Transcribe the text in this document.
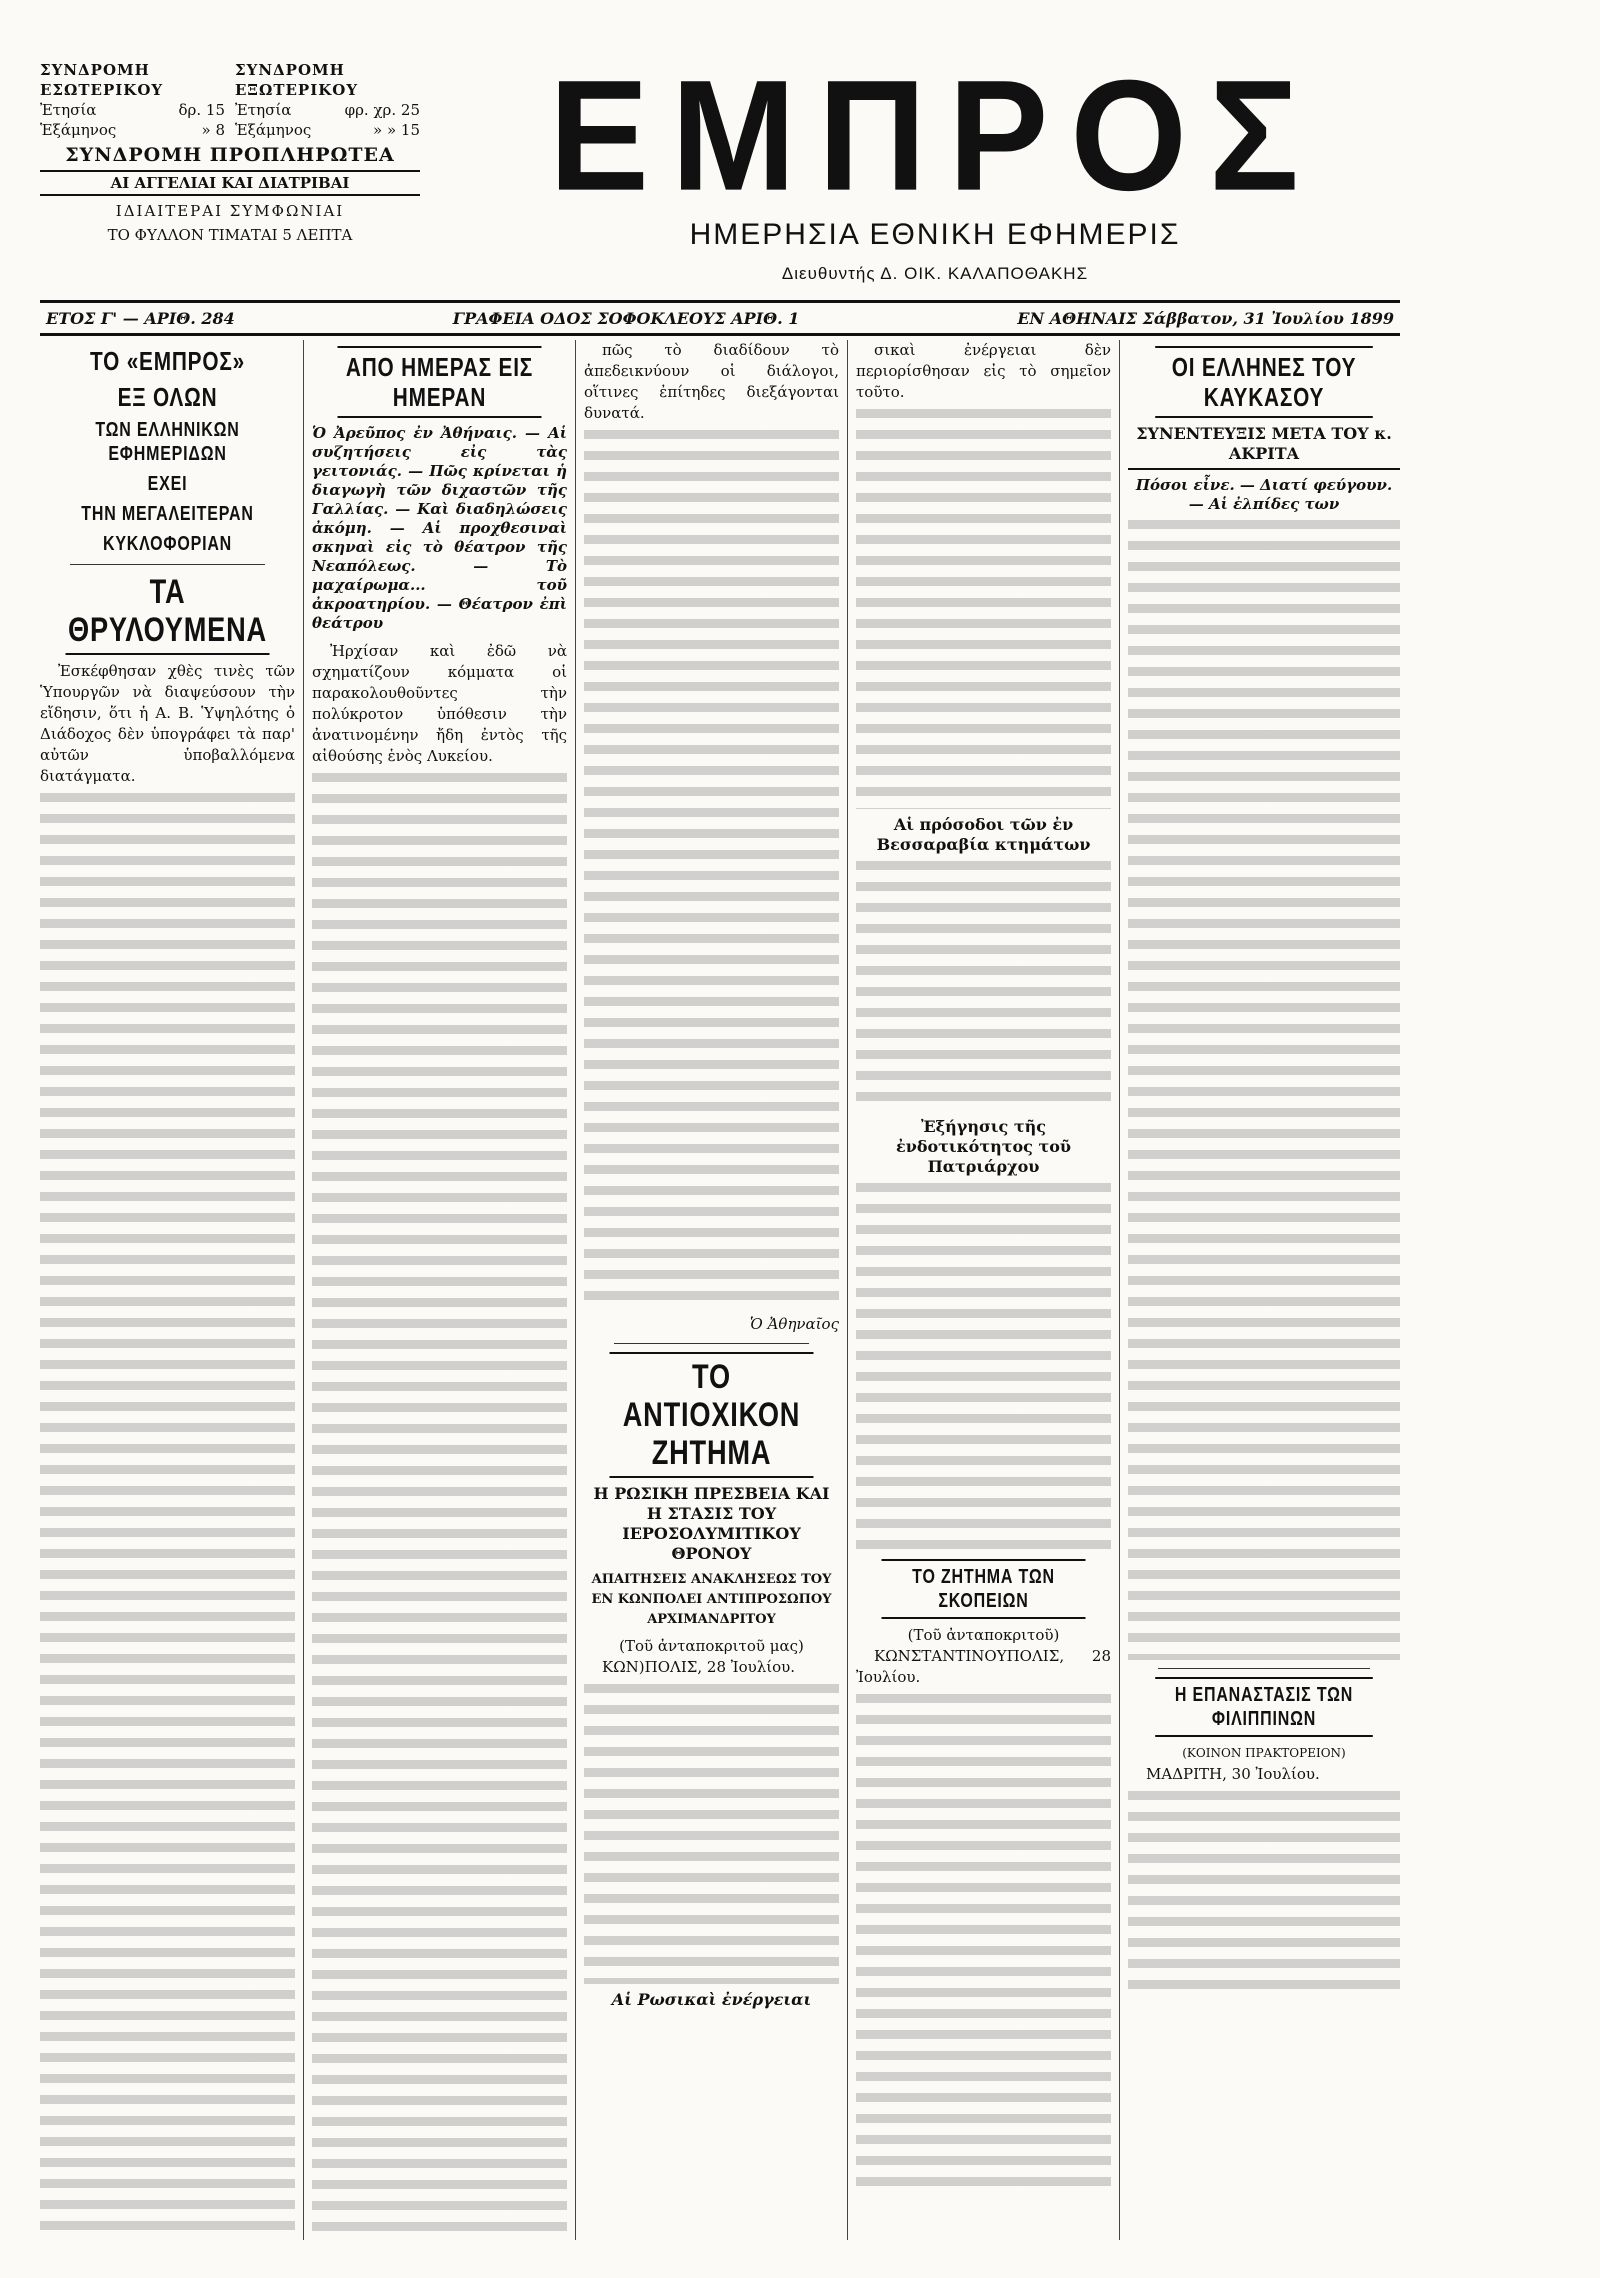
ΣΥΝΔΡΟΜΗ ΕΣΩΤΕΡΙΚΟΥ
Ἐτησία	δρ. 15
Ἑξάμηνος	» 8
ΣΥΝΔΡΟΜΗ ΕΞΩΤΕΡΙΚΟΥ
Ἐτησία	φρ. χρ. 25
Ἑξάμηνος	» » 15
ΣΥΝΔΡΟΜΗ ΠΡΟΠΛΗΡΩΤΕΑ
ΑΙ ΑΓΓΕΛΙΑΙ ΚΑΙ ΔΙΑΤΡΙΒΑΙ
ΙΔΙΑΙΤΕΡΑΙ ΣΥΜΦΩΝΙΑΙ
ΤΟ ΦΥΛΛΟΝ ΤΙΜΑΤΑΙ 5 ΛΕΠΤΑ
ΕΜΠΡΟΣ
ΗΜΕΡΗΣΙΑ ΕΘΝΙΚΗ ΕΦΗΜΕΡΙΣ
Διευθυντής Δ. ΟΙΚ. ΚΑΛΑΠΟΘΑΚΗΣ
ΕΤΟΣ Γ' — ΑΡΙΘ. 284	ΓΡΑΦΕΙΑ ΟΔΟΣ ΣΟΦΟΚΛΕΟΥΣ ΑΡΙΘ. 1	ΕΝ ΑΘΗΝΑΙΣ Σάββατον, 31 Ἰουλίου 1899
ΤΟ «ΕΜΠΡΟΣ»
ΕΞ ΟΛΩΝ
ΤΩΝ ΕΛΛΗΝΙΚΩΝ ΕΦΗΜΕΡΙΔΩΝ
ΕΧΕΙ
ΤΗΝ ΜΕΓΑΛΕΙΤΕΡΑΝ
ΚΥΚΛΟΦΟΡΙΑΝ
ΤΑ ΘΡΥΛΟΥΜΕΝΑ

Ἐσκέφθησαν χθὲς τινὲς τῶν Ὑπουργῶν νὰ διαψεύσουν τὴν εἴδησιν, ὅτι ἡ Α. Β. Ὑψηλότης ὁ Διάδοχος δὲν ὑπογράφει τὰ παρ' αὐτῶν ὑποβαλλόμενα διατάγματα.

ΑΠΟ ΗΜΕΡΑΣ ΕΙΣ ΗΜΕΡΑΝ
Ὁ Ἀρεῦπος ἐν Ἀθήναις. — Αἱ συζητήσεις εἰς τὰς γειτονιάς. — Πῶς κρίνεται ἡ διαγωγὴ τῶν διχαστῶν τῆς Γαλλίας. — Καὶ διαδηλώσεις ἀκόμη. — Αἱ προχθεσιναὶ σκηναὶ εἰς τὸ θέατρον τῆς Νεαπόλεως. — Τὸ μαχαίρωμα... τοῦ ἀκροατηρίου. — Θέατρον ἐπὶ θεάτρου

Ἠρχίσαν καὶ ἐδῶ νὰ σχηματίζουν κόμματα οἱ παρακολουθοῦντες τὴν πολύκροτον ὑπόθεσιν τὴν ἀνατινομένην ἤδη ἐντὸς τῆς αἰθούσης ἑνὸς Λυκείου.

πῶς τὸ διαδίδουν τὸ ἀπεδεικνύουν οἱ διάλογοι, οἵτινες ἐπίτηδες διεξάγονται δυνατά.

Ὁ Ἀθηναῖος
ΤΟ ΑΝΤΙΟΧΙΚΟΝ ΖΗΤΗΜΑ
Η ΡΩΣΙΚΗ ΠΡΕΣΒΕΙΑ ΚΑΙ Η ΣΤΑΣΙΣ ΤΟΥ ΙΕΡΟΣΟΛΥΜΙΤΙΚΟΥ ΘΡΟΝΟΥ
ΑΠΑΙΤΗΣΕΙΣ ΑΝΑΚΛΗΣΕΩΣ ΤΟΥ ΕΝ ΚΩΝΠΟΛΕΙ ΑΝΤΙΠΡΟΣΩΠΟΥ ΑΡΧΙΜΑΝΔΡΙΤΟΥ
(Τοῦ ἀνταποκριτοῦ μας)

ΚΩΝ)ΠΟΛΙΣ, 28 Ἰουλίου.

Αἱ Ρωσικαὶ ἐνέργειαι

σικαὶ ἐνέργειαι δὲν περιορίσθησαν εἰς τὸ σημεῖον τοῦτο.

Αἱ πρόσοδοι τῶν ἐν Βεσσαραβία κτημάτων
Ἐξήγησις τῆς ἐνδοτικότητος τοῦ Πατριάρχου
ΤΟ ΖΗΤΗΜΑ ΤΩΝ ΣΚΟΠΕΙΩΝ
(Τοῦ ἀνταποκριτοῦ)

ΚΩΝΣΤΑΝΤΙΝΟΥΠΟΛΙΣ, 28 Ἰουλίου.

ΟΙ ΕΛΛΗΝΕΣ ΤΟΥ ΚΑΥΚΑΣΟΥ
ΣΥΝΕΝΤΕΥΞΙΣ ΜΕΤΑ ΤΟΥ κ. ΑΚΡΙΤΑ
Πόσοι εἶνε. — Διατί φεύγουν. — Αἱ ἐλπίδες των
Η ΕΠΑΝΑΣΤΑΣΙΣ ΤΩΝ ΦΙΛΙΠΠΙΝΩΝ
(ΚΟΙΝΟΝ ΠΡΑΚΤΟΡΕΙΟΝ)

ΜΑΔΡΙΤΗ, 30 Ἰουλίου.
